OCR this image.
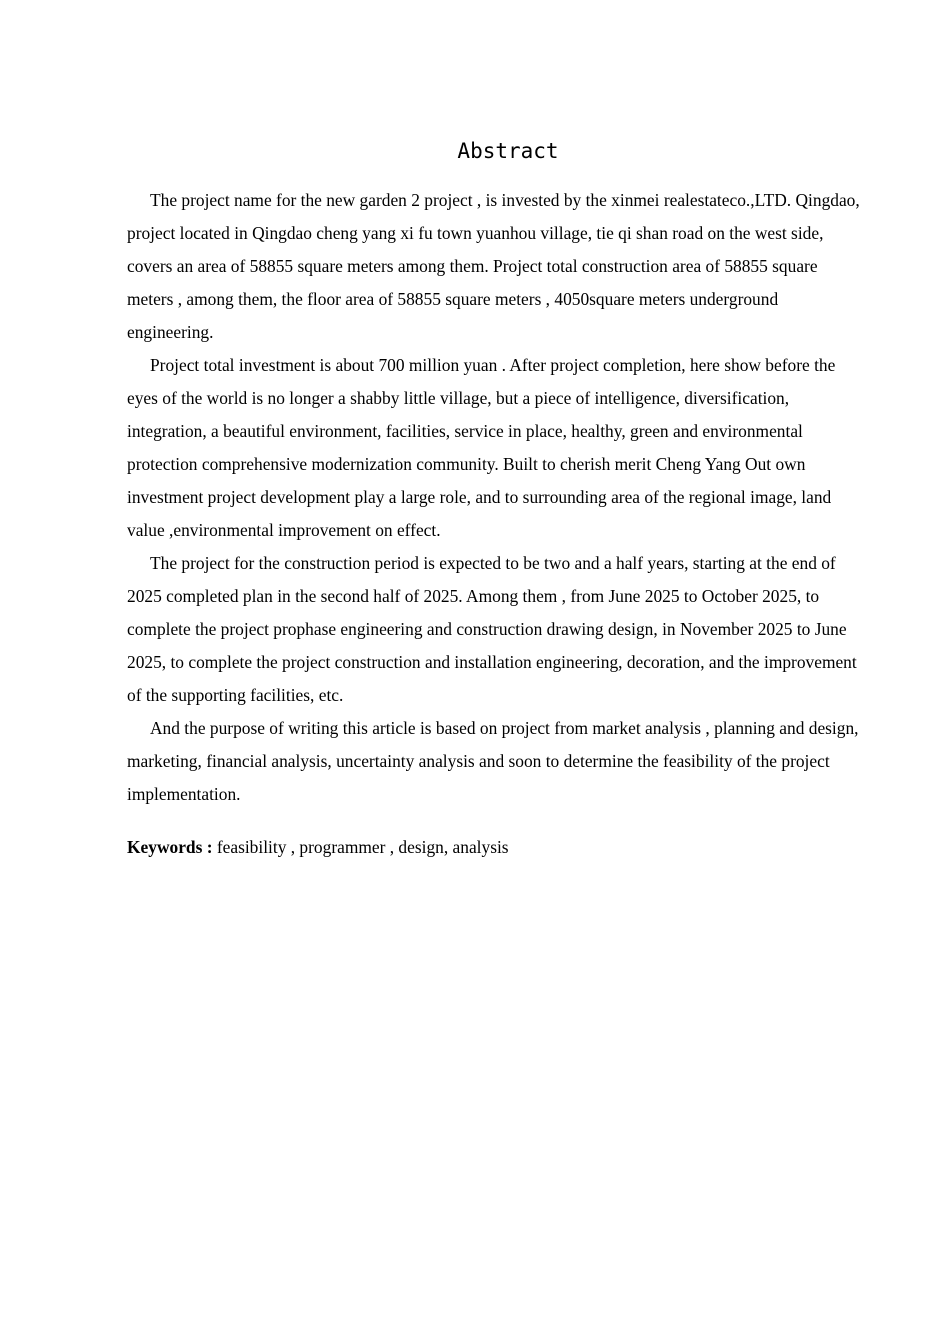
Abstract

The project name for the new garden 2 project , is invested by the xinmei realestateco.,LTD. Qingdao, project located in Qingdao cheng yang xi fu town yuanhou village, tie qi shan road on the west side, covers an area of 58855 square meters among them. Project total construction area of 58855 square meters , among them, the floor area of 58855 square meters , 4050square meters underground engineering.

Project total investment is about 700 million yuan . After project completion, here show before the eyes of the world is no longer a shabby little village, but a piece of intelligence, diversification, integration, a beautiful environment, facilities, service in place, healthy, green and environmental protection comprehensive modernization community. Built to cherish merit Cheng Yang Out own investment project development play a large role, and to surrounding area of the regional image, land value ,environmental improvement on effect.

The project for the construction period is expected to be two and a half years, starting at the end of 2025 completed plan in the second half of 2025. Among them , from June 2025 to October 2025, to complete the project prophase engineering and construction drawing design, in November 2025 to June 2025, to complete the project construction and installation engineering, decoration, and the improvement of the supporting facilities, etc.

And the purpose of writing this article is based on project from market analysis , planning and design, marketing, financial analysis, uncertainty analysis and soon to determine the feasibility of the project implementation.

Keywords : feasibility , programmer , design, analysis
